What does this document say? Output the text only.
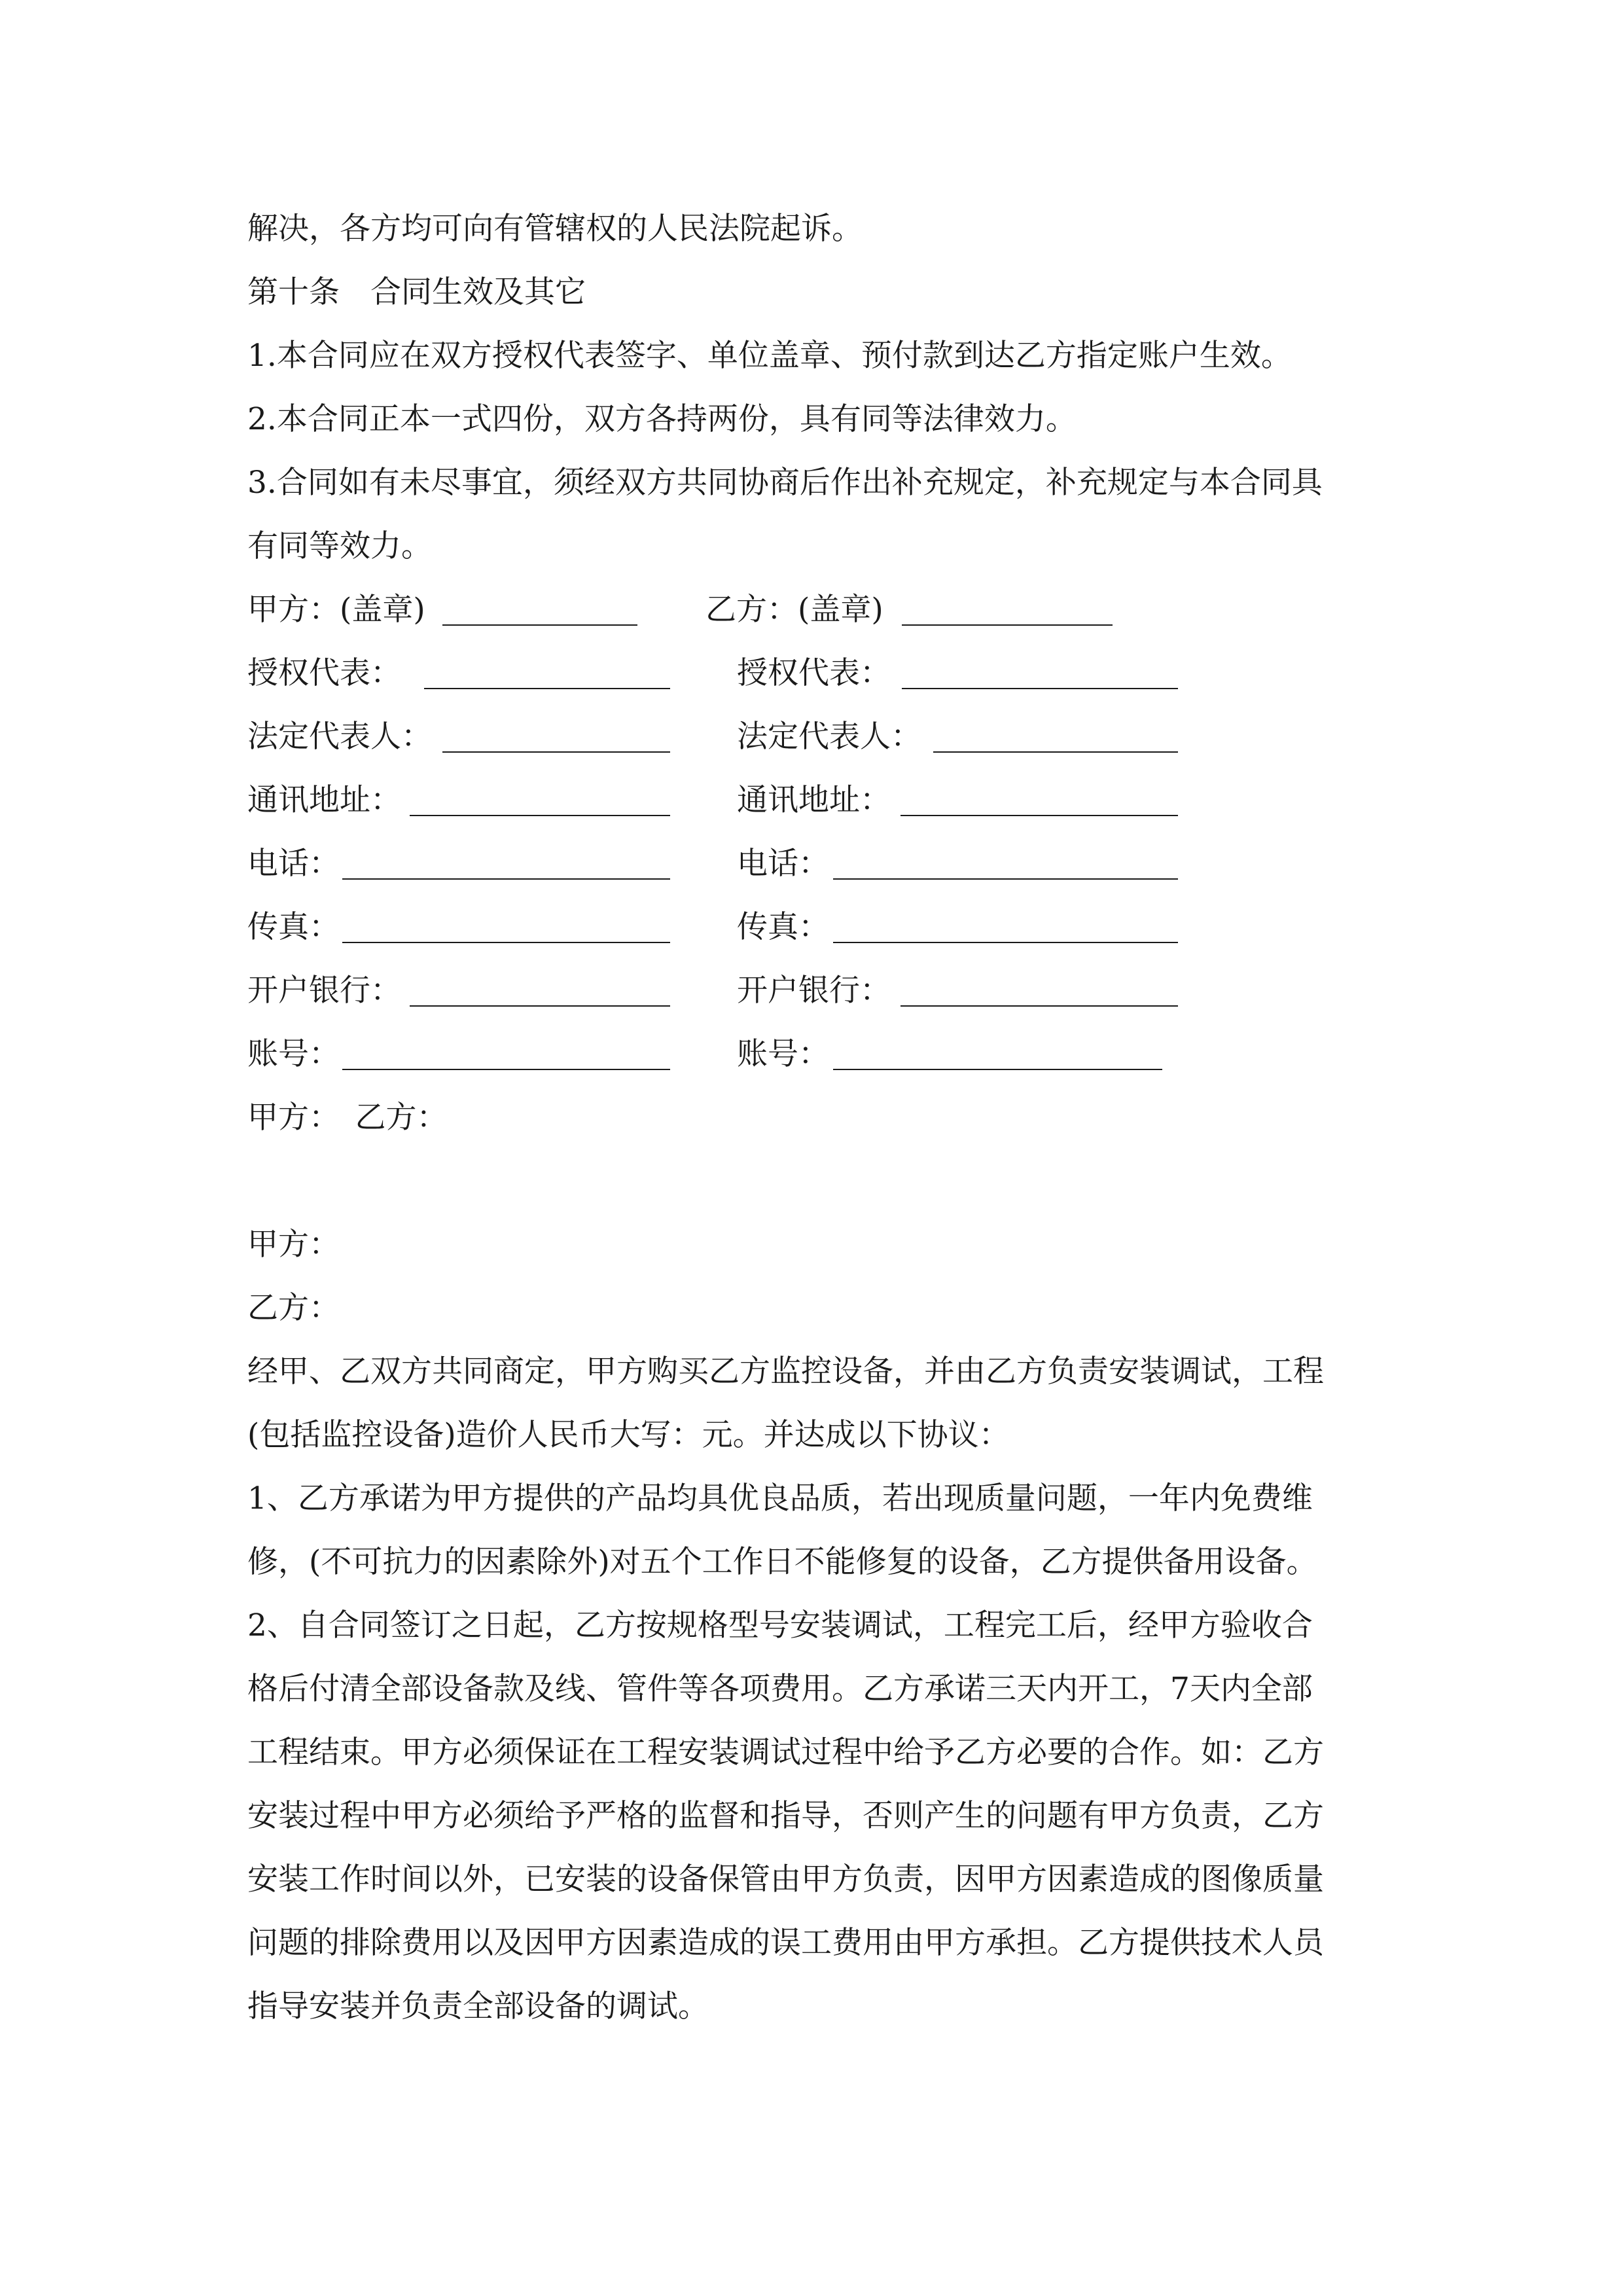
解决，各方均可向有管辖权的人民法院起诉。
第十条　合同生效及其它
1.本合同应在双方授权代表签字、单位盖章、预付款到达乙方指定账户生效。
2.本合同正本一式四份，双方各持两份，具有同等法律效力。
3.合同如有未尽事宜，须经双方共同协商后作出补充规定，补充规定与本合同具
有同等效力。
甲方：(盖章)	乙方：(盖章)
授权代表：	授权代表：
法定代表人：	法定代表人：
通讯地址：	通讯地址：
电话：	电话：
传真：	传真：
开户银行：	开户银行：
账号：	账号：
甲方：　乙方：
甲方：
乙方：
经甲、乙双方共同商定，甲方购买乙方监控设备，并由乙方负责安装调试，工程
(包括监控设备)造价人民币大写：元。并达成以下协议：
1、乙方承诺为甲方提供的产品均具优良品质，若出现质量问题，一年内免费维
修，(不可抗力的因素除外)对五个工作日不能修复的设备，乙方提供备用设备。
2、自合同签订之日起，乙方按规格型号安装调试，工程完工后，经甲方验收合
格后付清全部设备款及线、管件等各项费用。乙方承诺三天内开工，7天内全部
工程结束。甲方必须保证在工程安装调试过程中给予乙方必要的合作。如：乙方
安装过程中甲方必须给予严格的监督和指导，否则产生的问题有甲方负责，乙方
安装工作时间以外，已安装的设备保管由甲方负责，因甲方因素造成的图像质量
问题的排除费用以及因甲方因素造成的误工费用由甲方承担。乙方提供技术人员
指导安装并负责全部设备的调试。
